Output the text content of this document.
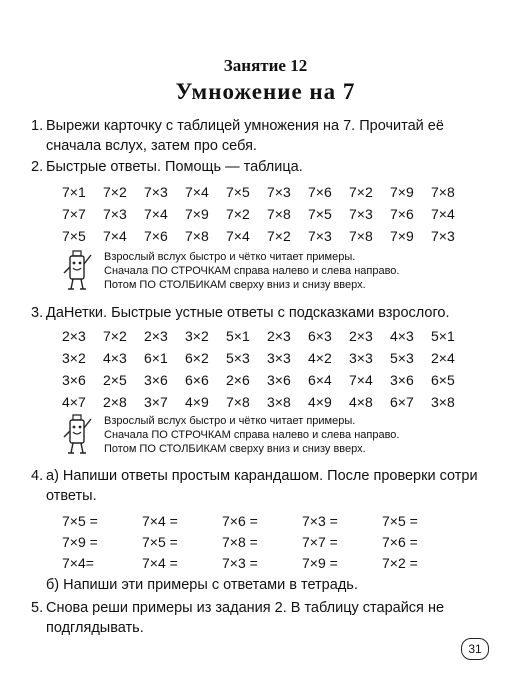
Занятие 12
Умножение на 7
1. Вырежи карточку с таблицей умножения на 7. Прочитай её сначала вслух, затем про себя.
2. Быстрые ответы. Помощь — таблица.
7×1 7×2 7×3 7×4 7×5 7×3 7×6 7×2 7×9 7×8
7×7 7×3 7×4 7×9 7×2 7×8 7×5 7×3 7×6 7×4
7×5 7×4 7×6 7×8 7×4 7×2 7×3 7×8 7×9 7×3
Взрослый вслух быстро и чётко читает примеры.
Сначала ПО СТРОЧКАМ справа налево и слева направо.
Потом ПО СТОЛБИКАМ сверху вниз и снизу вверх.
3. ДаНетки. Быстрые устные ответы с подсказками взрослого.
2×3 7×2 2×3 3×2 5×1 2×3 6×3 2×3 4×3 5×1
3×2 4×3 6×1 6×2 5×3 3×3 4×2 3×3 5×3 2×4
3×6 2×5 3×6 6×6 2×6 3×6 6×4 7×4 3×6 6×5
4×7 2×8 3×7 4×9 7×8 3×8 4×9 4×8 6×7 3×8
Взрослый вслух быстро и чётко читает примеры.
Сначала ПО СТРОЧКАМ справа налево и слева направо.
Потом ПО СТОЛБИКАМ сверху вниз и снизу вверх.
4. а) Напиши ответы простым карандашом. После проверки сотри ответы.
7×5 =	7×4 =	7×6 =	7×3 =	7×5 =
7×9 =	7×5 =	7×8 =	7×7 =	7×6 =
7×4=	7×4 =	7×3 =	7×9 =	7×2 =
б) Напиши эти примеры с ответами в тетрадь.
5. Снова реши примеры из задания 2. В таблицу старайся не подглядывать.
31
